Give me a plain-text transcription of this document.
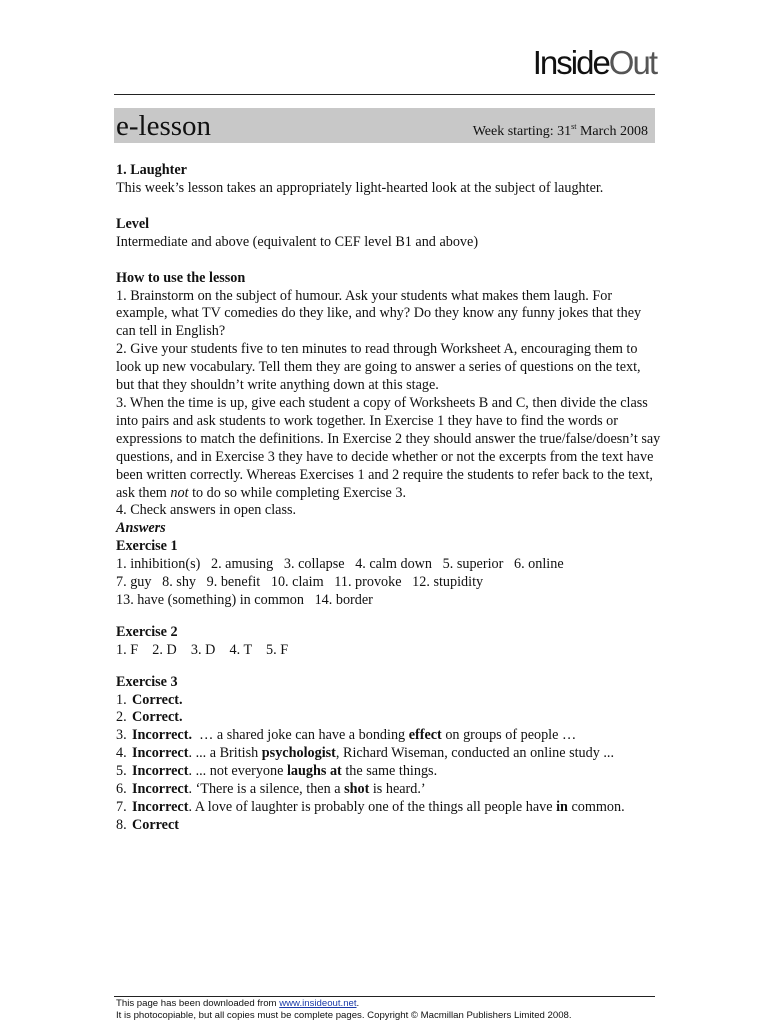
InsideOut
e-lesson	Week starting: 31st March 2008

1. Laughter

This week’s lesson takes an appropriately light-hearted look at the subject of laughter.

Level

Intermediate and above (equivalent to CEF level B1 and above)

How to use the lesson

1. Brainstorm on the subject of humour. Ask your students what makes them laugh. For example, what TV comedies do they like, and why? Do they know any funny jokes that they can tell in English?

2. Give your students five to ten minutes to read through Worksheet A, encouraging them to look up new vocabulary. Tell them they are going to answer a series of questions on the text, but that they shouldn’t write anything down at this stage.

3. When the time is up, give each student a copy of Worksheets B and C, then divide the class into pairs and ask students to work together. In Exercise 1 they have to find the words or expressions to match the definitions. In Exercise 2 they should answer the true/false/doesn’t say questions, and in Exercise 3 they have to decide whether or not the excerpts from the text have been written correctly. Whereas Exercises 1 and 2 require the students to refer back to the text, ask them not to do so while completing Exercise 3.

4. Check answers in open class.

Answers

Exercise 1

1. inhibition(s)   2. amusing   3. collapse   4. calm down   5. superior   6. online

7. guy   8. shy   9. benefit   10. claim   11. provoke   12. stupidity

13. have (something) in common   14. border

Exercise 2

1. F    2. D    3. D    4. T    5. F

Exercise 3

1. Correct.
2. Correct.
3. Incorrect.  … a shared joke can have a bonding effect on groups of people …
4. Incorrect. ... a British psychologist, Richard Wiseman, conducted an online study ...
5. Incorrect. ... not everyone laughs at the same things.
6. Incorrect. ‘There is a silence, then a shot is heard.’
7. Incorrect. A love of laughter is probably one of the things all people have in common.
8. Correct
This page has been downloaded from www.insideout.net.
It is photocopiable, but all copies must be complete pages. Copyright © Macmillan Publishers Limited 2008.
